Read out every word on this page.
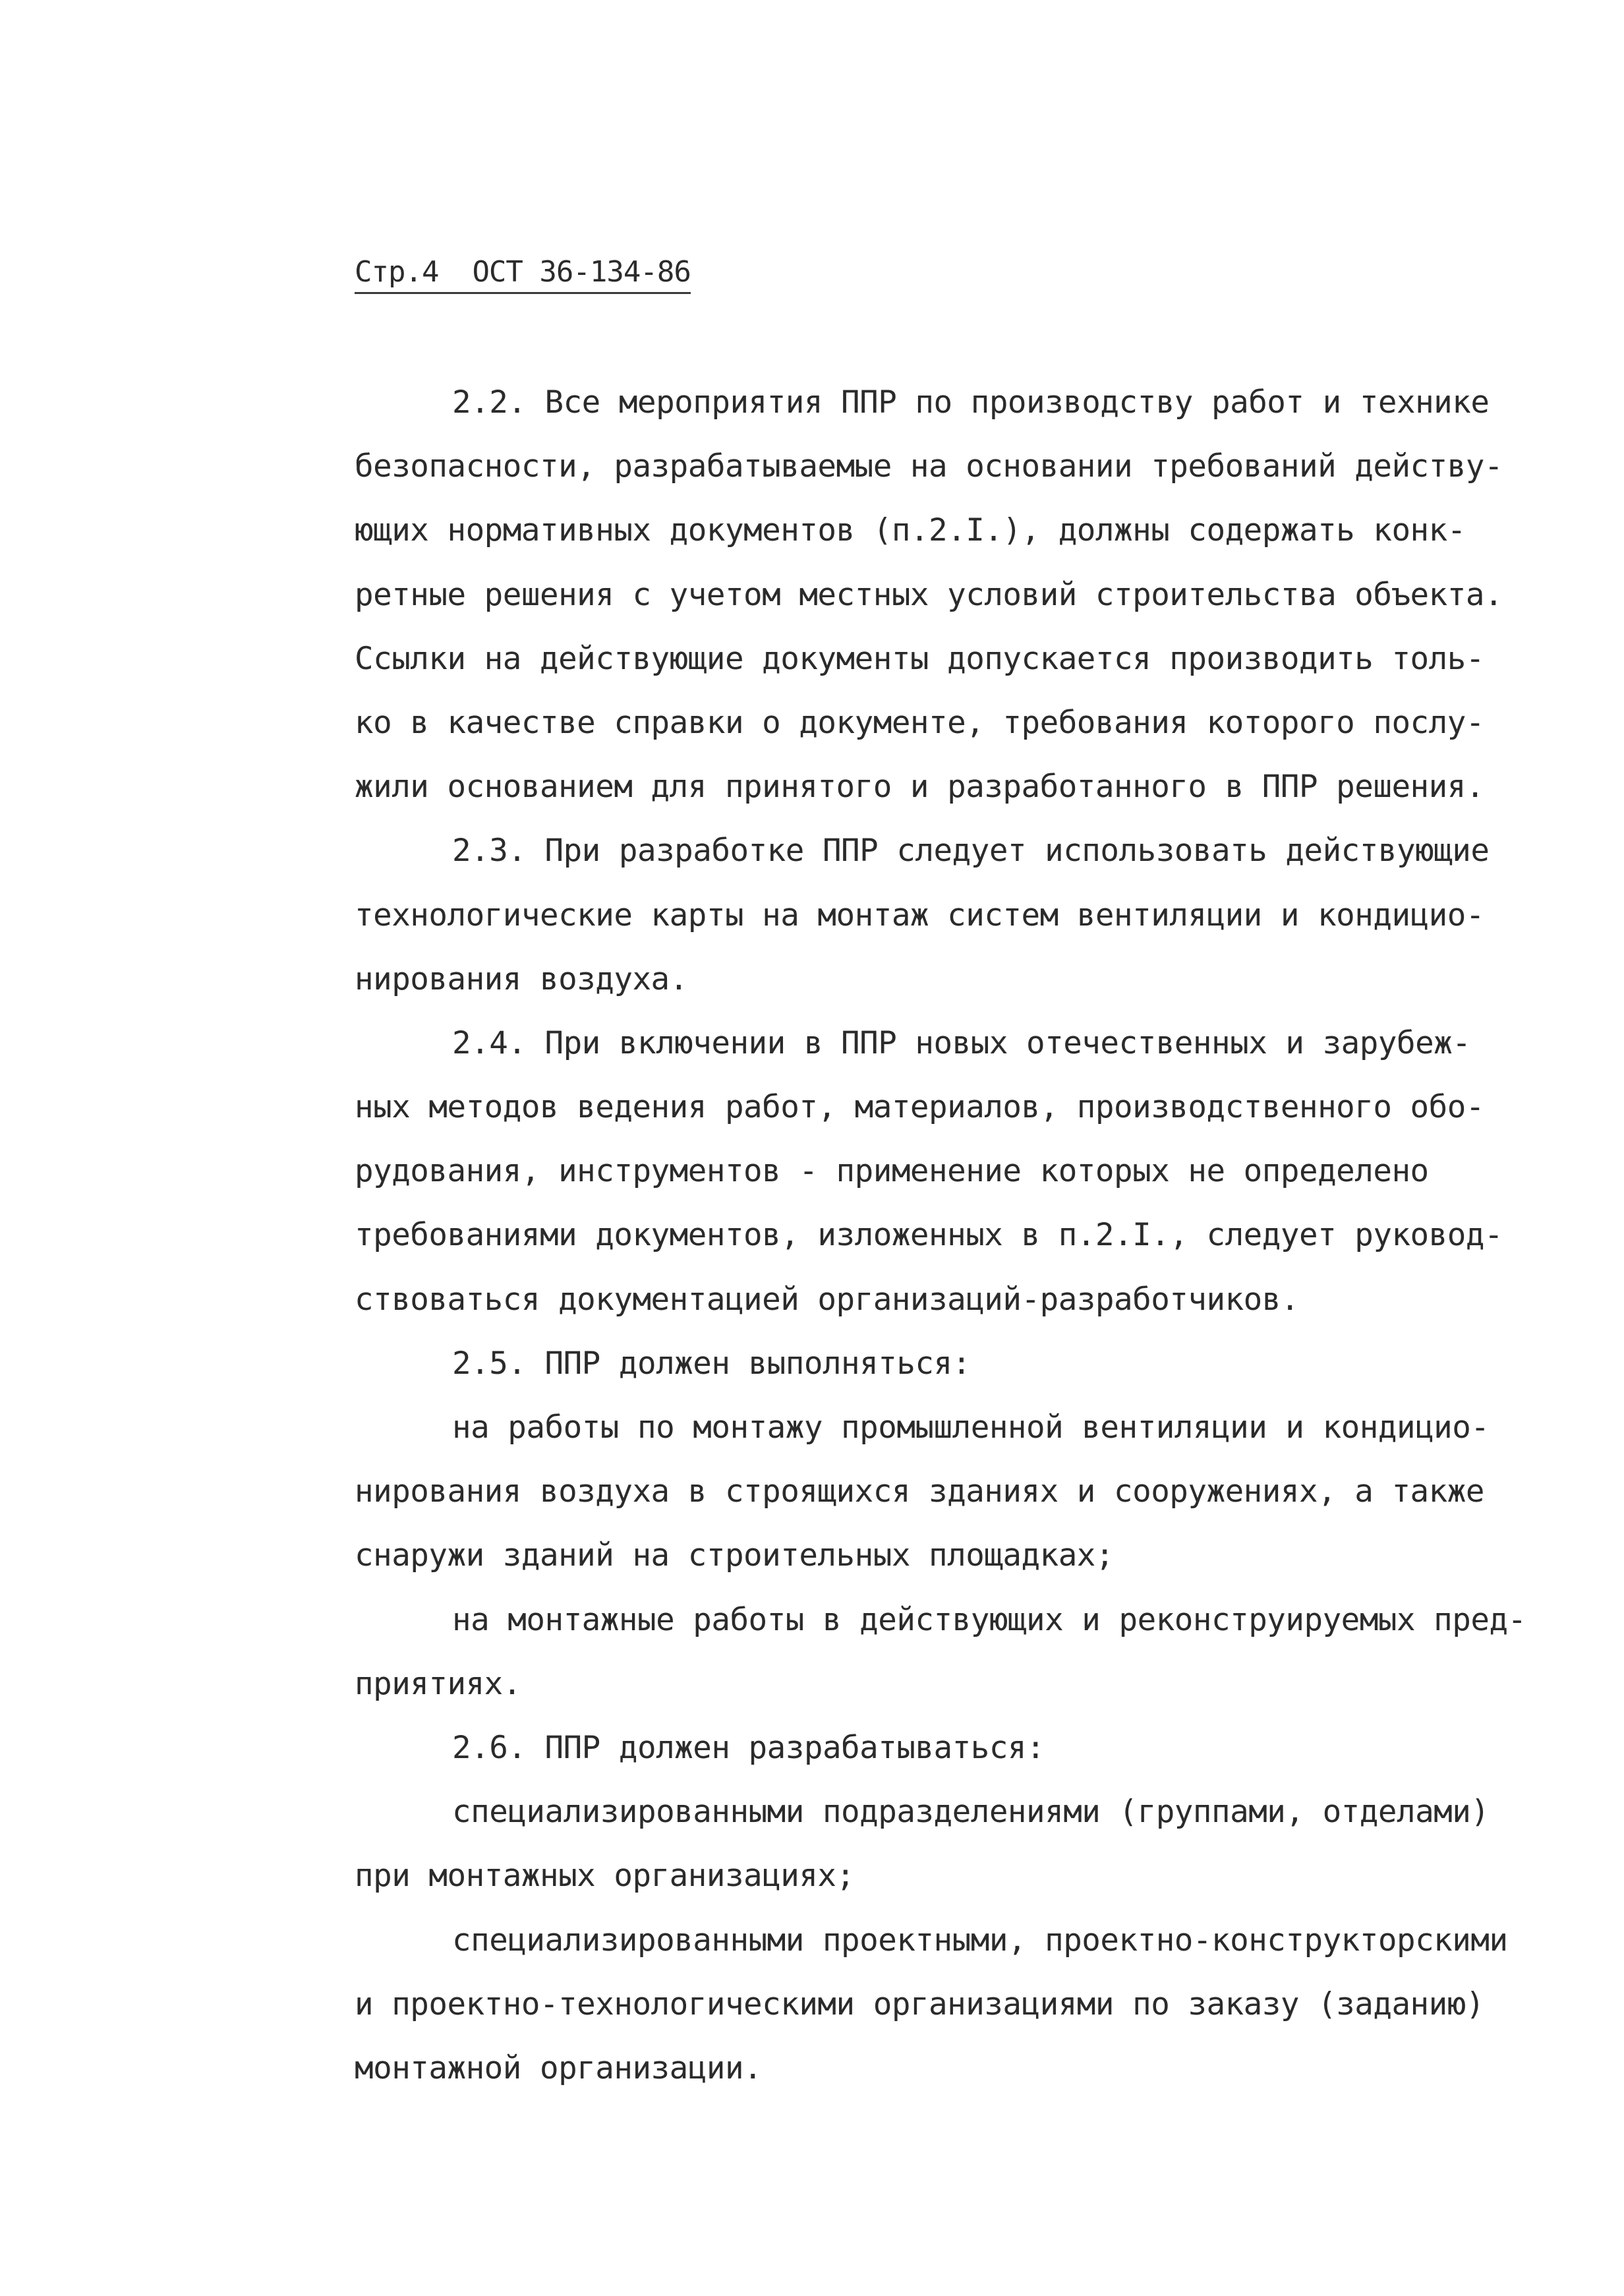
Стр.4 ОСТ 36-134-86
2.2. Все мероприятия ППР по производству работ и технике
безопасности, разрабатываемые на основании требований действу-
ющих нормативных документов (п.2.I.), должны содержать конк-
ретные решения с учетом местных условий строительства объекта.
Ссылки на действующие документы допускается производить толь-
ко в качестве справки о документе, требования которого послу-
жили основанием для принятого и разработанного в ППР решения.
2.3. При разработке ППР следует использовать действующие
технологические карты на монтаж систем вентиляции и кондицио-
нирования воздуха.
2.4. При включении в ППР новых отечественных и зарубеж-
ных методов ведения работ, материалов, производственного обо-
рудования, инструментов - применение которых не определено
требованиями документов, изложенных в п.2.I., следует руковод-
ствоваться документацией организаций-разработчиков.
2.5. ППР должен выполняться:
на работы по монтажу промышленной вентиляции и кондицио-
нирования воздуха в строящихся зданиях и сооружениях, а также
снаружи зданий на строительных площадках;
на монтажные работы в действующих и реконструируемых пред-
приятиях.
2.6. ППР должен разрабатываться:
специализированными подразделениями (группами, отделами)
при монтажных организациях;
специализированными проектными, проектно-конструкторскими
и проектно-технологическими организациями по заказу (заданию)
монтажной организации.
